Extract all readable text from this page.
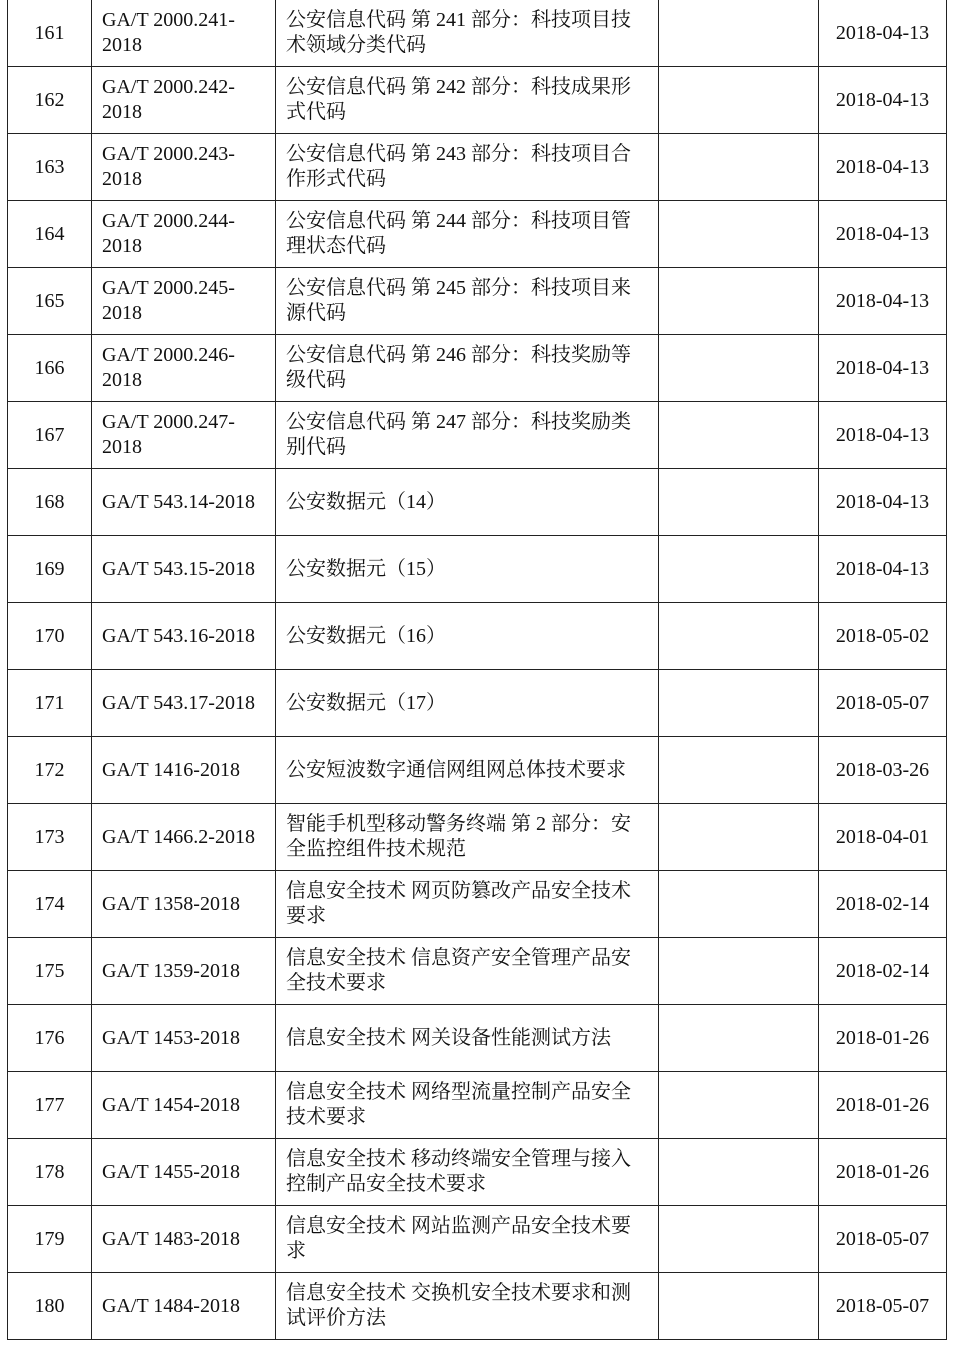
161	GA/T 2000.241-2018	公安信息代码 第 241 部分：科技项目技术领域分类代码		2018-04-13
162	GA/T 2000.242-2018	公安信息代码 第 242 部分：科技成果形式代码		2018-04-13
163	GA/T 2000.243-2018	公安信息代码 第 243 部分：科技项目合作形式代码		2018-04-13
164	GA/T 2000.244-2018	公安信息代码 第 244 部分：科技项目管理状态代码		2018-04-13
165	GA/T 2000.245-2018	公安信息代码 第 245 部分：科技项目来源代码		2018-04-13
166	GA/T 2000.246-2018	公安信息代码 第 246 部分：科技奖励等级代码		2018-04-13
167	GA/T 2000.247-2018	公安信息代码 第 247 部分：科技奖励类别代码		2018-04-13
168	GA/T 543.14-2018	公安数据元（14）		2018-04-13
169	GA/T 543.15-2018	公安数据元（15）		2018-04-13
170	GA/T 543.16-2018	公安数据元（16）		2018-05-02
171	GA/T 543.17-2018	公安数据元（17）		2018-05-07
172	GA/T 1416-2018	公安短波数字通信网组网总体技术要求		2018-03-26
173	GA/T 1466.2-2018	智能手机型移动警务终端 第 2 部分：安全监控组件技术规范		2018-04-01
174	GA/T 1358-2018	信息安全技术 网页防篡改产品安全技术要求		2018-02-14
175	GA/T 1359-2018	信息安全技术 信息资产安全管理产品安全技术要求		2018-02-14
176	GA/T 1453-2018	信息安全技术 网关设备性能测试方法		2018-01-26
177	GA/T 1454-2018	信息安全技术 网络型流量控制产品安全技术要求		2018-01-26
178	GA/T 1455-2018	信息安全技术 移动终端安全管理与接入控制产品安全技术要求		2018-01-26
179	GA/T 1483-2018	信息安全技术 网站监测产品安全技术要求		2018-05-07
180	GA/T 1484-2018	信息安全技术 交换机安全技术要求和测试评价方法		2018-05-07
